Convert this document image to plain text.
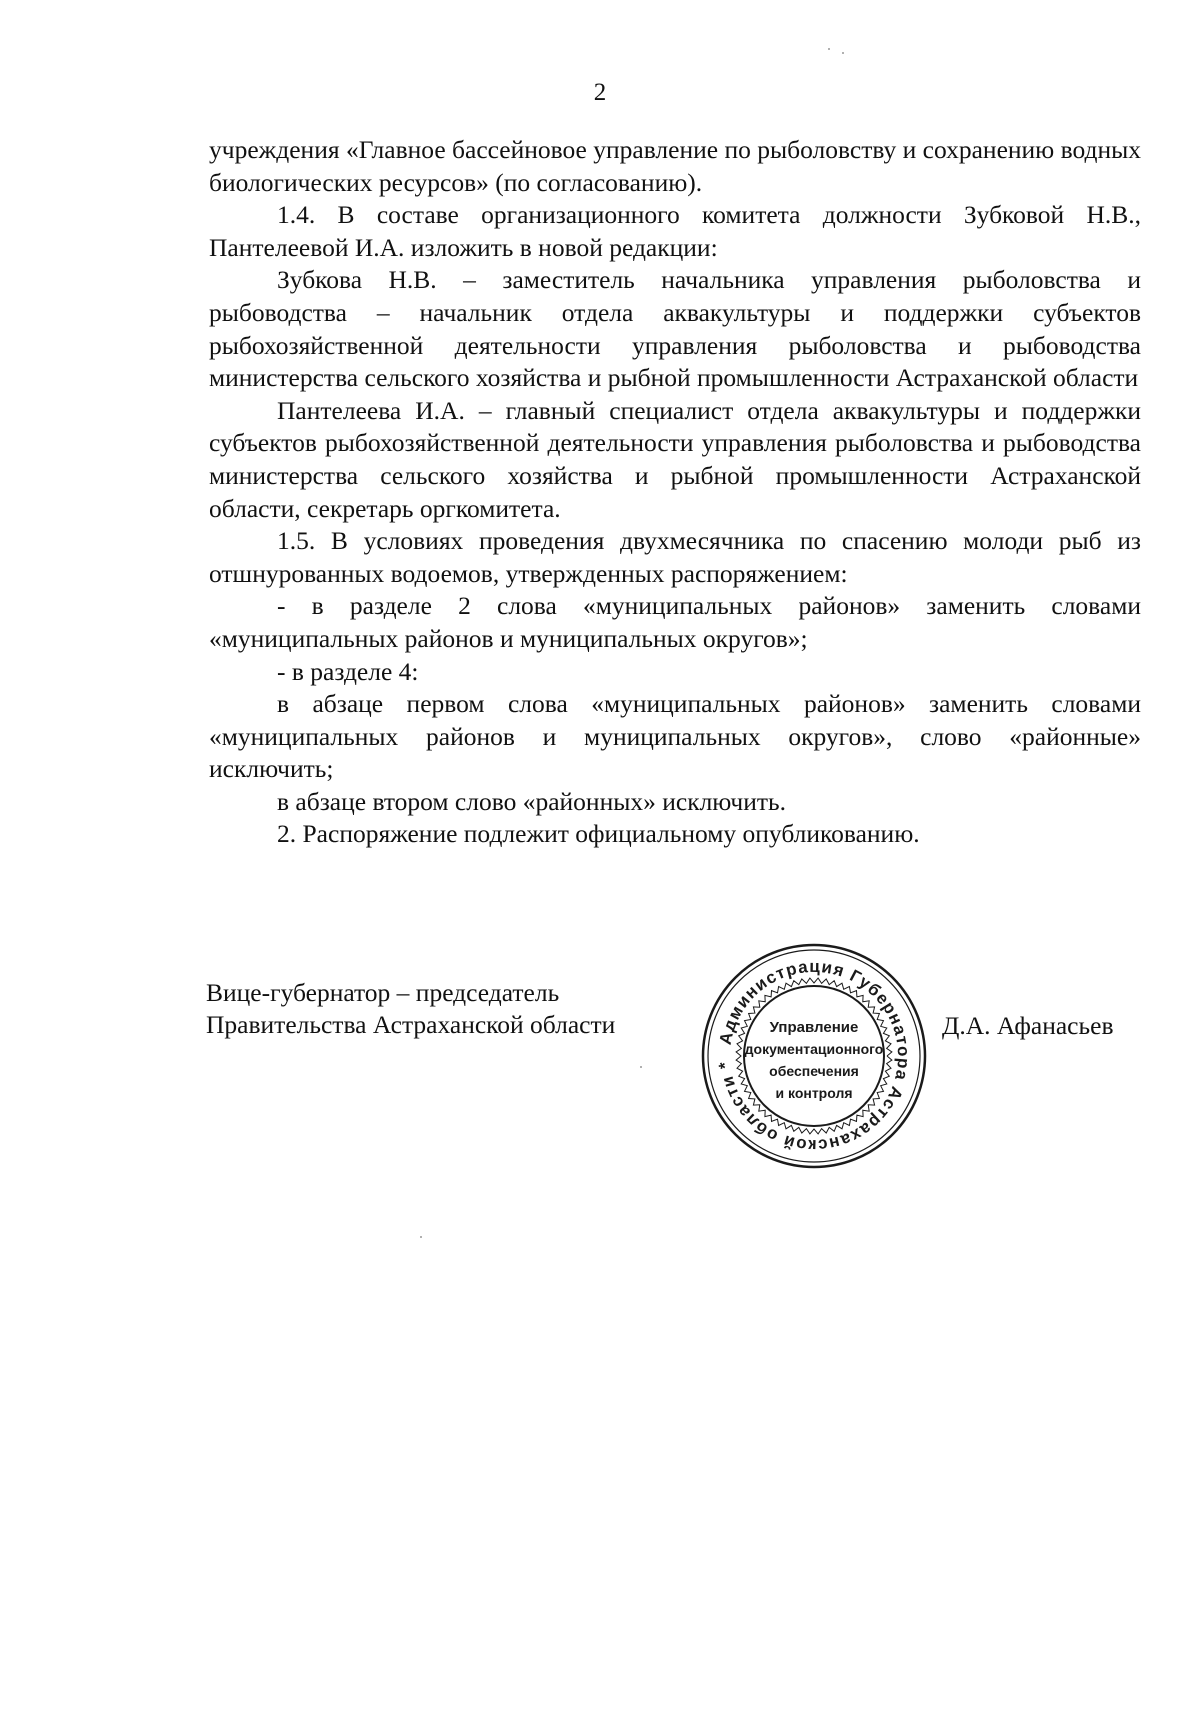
2

учреждения «Главное бассейновое управление по рыболовству и сохранению водных биологических ресурсов» (по согласованию).

1.4. В составе организационного комитета должности Зубковой Н.В., Пантелеевой И.А. изложить в новой редакции:

Зубкова Н.В. – заместитель начальника управления рыболовства и рыбоводства – начальник отдела аквакультуры и поддержки субъектов рыбохозяйственной деятельности управления рыболовства и рыбоводства министерства сельского хозяйства и рыбной промышленности Астраханской области

Пантелеева И.А. – главный специалист отдела аквакультуры и поддержки субъектов рыбохозяйственной деятельности управления рыболовства и рыбоводства министерства сельского хозяйства и рыбной промышленности Астраханской области, секретарь оргкомитета.

1.5. В условиях проведения двухмесячника по спасению молоди рыб из отшнурованных водоемов, утвержденных распоряжением:

- в разделе 2 слова «муниципальных районов» заменить словами «муниципальных районов и муниципальных округов»;

- в разделе 4:

в абзаце первом слова «муниципальных районов» заменить словами «муниципальных районов и муниципальных округов», слово «районные» исключить;

в абзаце втором слово «районных» исключить.

2. Распоряжение подлежит официальному опубликованию.

Вице-губернатор – председатель
Правительства Астраханской области	Д.А. Афанасьев
Администрация Губернатора Астраханской области *
Управление
документационного
обеспечения
и контроля
